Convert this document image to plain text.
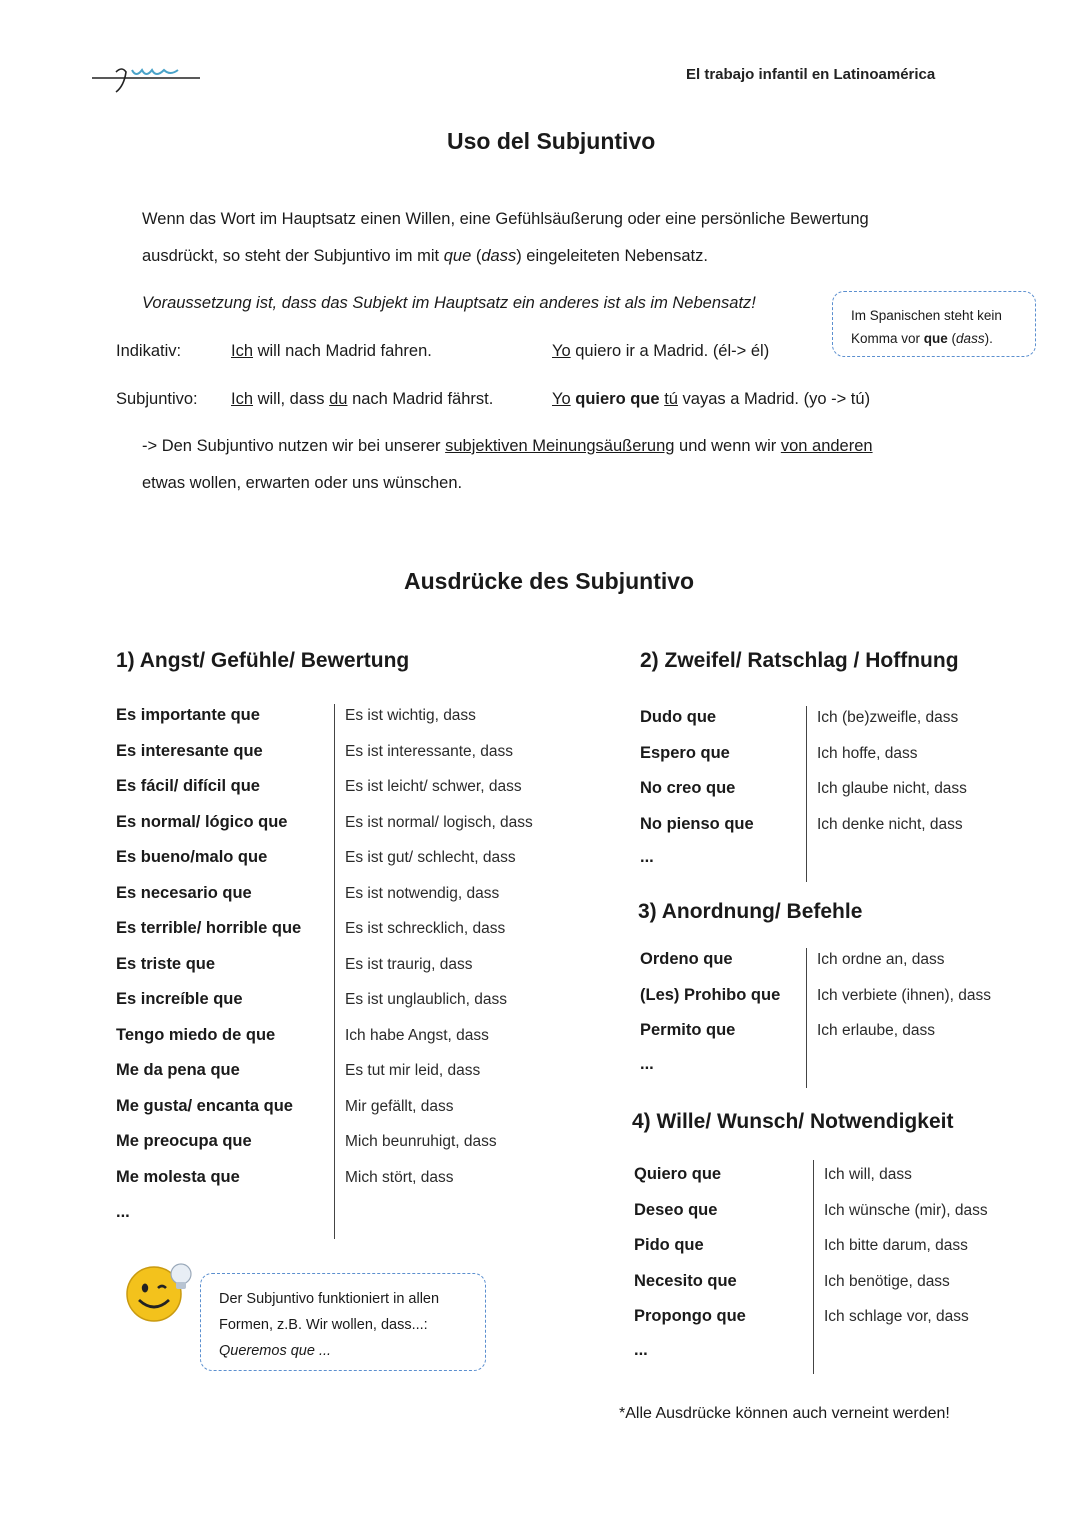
El trabajo infantil en Latinoamérica
Uso del Subjuntivo
Wenn das Wort im Hauptsatz einen Willen, eine Gefühlsäußerung oder eine persönliche Bewertung
ausdrückt, so steht der Subjuntivo im mit que (dass) eingeleiteten Nebensatz.
Voraussetzung ist, dass das Subjekt im Hauptsatz ein anderes ist als im Nebensatz!
Im Spanischen steht kein
Komma vor que (dass).
Indikativ:	Ich will nach Madrid fahren.	Yo quiero ir a Madrid. (él-> él)
Subjuntivo: Ich will, dass du nach Madrid fährst.	Yo quiero que tú vayas a Madrid. (yo -> tú)
-> Den Subjuntivo nutzen wir bei unserer subjektiven Meinungsäußerung und wenn wir von anderen
etwas wollen, erwarten oder uns wünschen.
Ausdrücke des Subjuntivo
1) Angst/ Gefühle/ Bewertung
Es importante que	Es ist wichtig, dass
Es interesante que	Es ist interessante, dass
Es fácil/ difícil que	Es ist leicht/ schwer, dass
Es normal/ lógico que	Es ist normal/ logisch, dass
Es bueno/malo que	Es ist gut/ schlecht, dass
Es necesario que	Es ist notwendig, dass
Es terrible/ horrible que	Es ist schrecklich, dass
Es triste que	Es ist traurig, dass
Es increíble que	Es ist unglaublich, dass
Tengo miedo de que	Ich habe Angst, dass
Me da pena que	Es tut mir leid, dass
Me gusta/ encanta que	Mir gefällt, dass
Me preocupa que	Mich beunruhigt, dass
Me molesta que	Mich stört, dass
...
2) Zweifel/ Ratschlag / Hoffnung
Dudo que	Ich (be)zweifle, dass
Espero que	Ich hoffe, dass
No creo que	Ich glaube nicht, dass
No pienso que	Ich denke nicht, dass
...
3) Anordnung/ Befehle
Ordeno que	Ich ordne an, dass
(Les) Prohibo que Ich verbiete (ihnen), dass
Permito que	Ich erlaube, dass
...
4) Wille/ Wunsch/ Notwendigkeit
Quiero que	Ich will, dass
Deseo que	Ich wünsche (mir), dass
Pido que	Ich bitte darum, dass
Necesito que	Ich benötige, dass
Propongo que	Ich schlage vor, dass
...
Der Subjuntivo funktioniert in allen
Formen, z.B. Wir wollen, dass...:
Queremos que ...
*Alle Ausdrücke können auch verneint werden!
